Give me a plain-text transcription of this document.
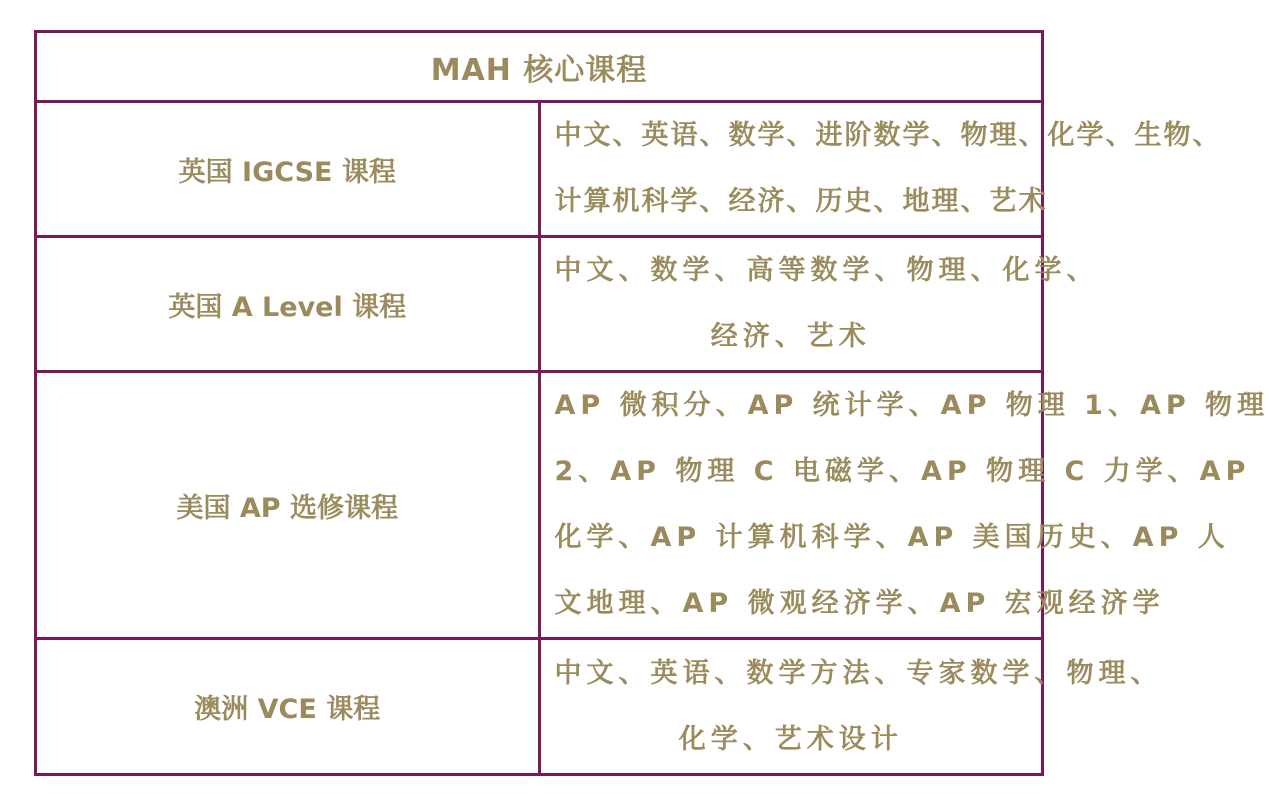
MAH 核心课程	
英国 IGCSE 课程	中文、英语、数学、进阶数学、物理、化学、生物、
计算机科学、经济、历史、地理、艺术

英国 A Level 课程	中文、数学、高等数学、物理、化学、
经济、艺术

美国 AP 选修课程	AP 微积分、AP 统计学、AP 物理 1、AP 物理
2、AP 物理 C 电磁学、AP 物理 C 力学、AP
化学、AP 计算机科学、AP 美国历史、AP 人
文地理、AP 微观经济学、AP 宏观经济学

澳洲 VCE 课程	中文、英语、数学方法、专家数学、物理、
化学、艺术设计
